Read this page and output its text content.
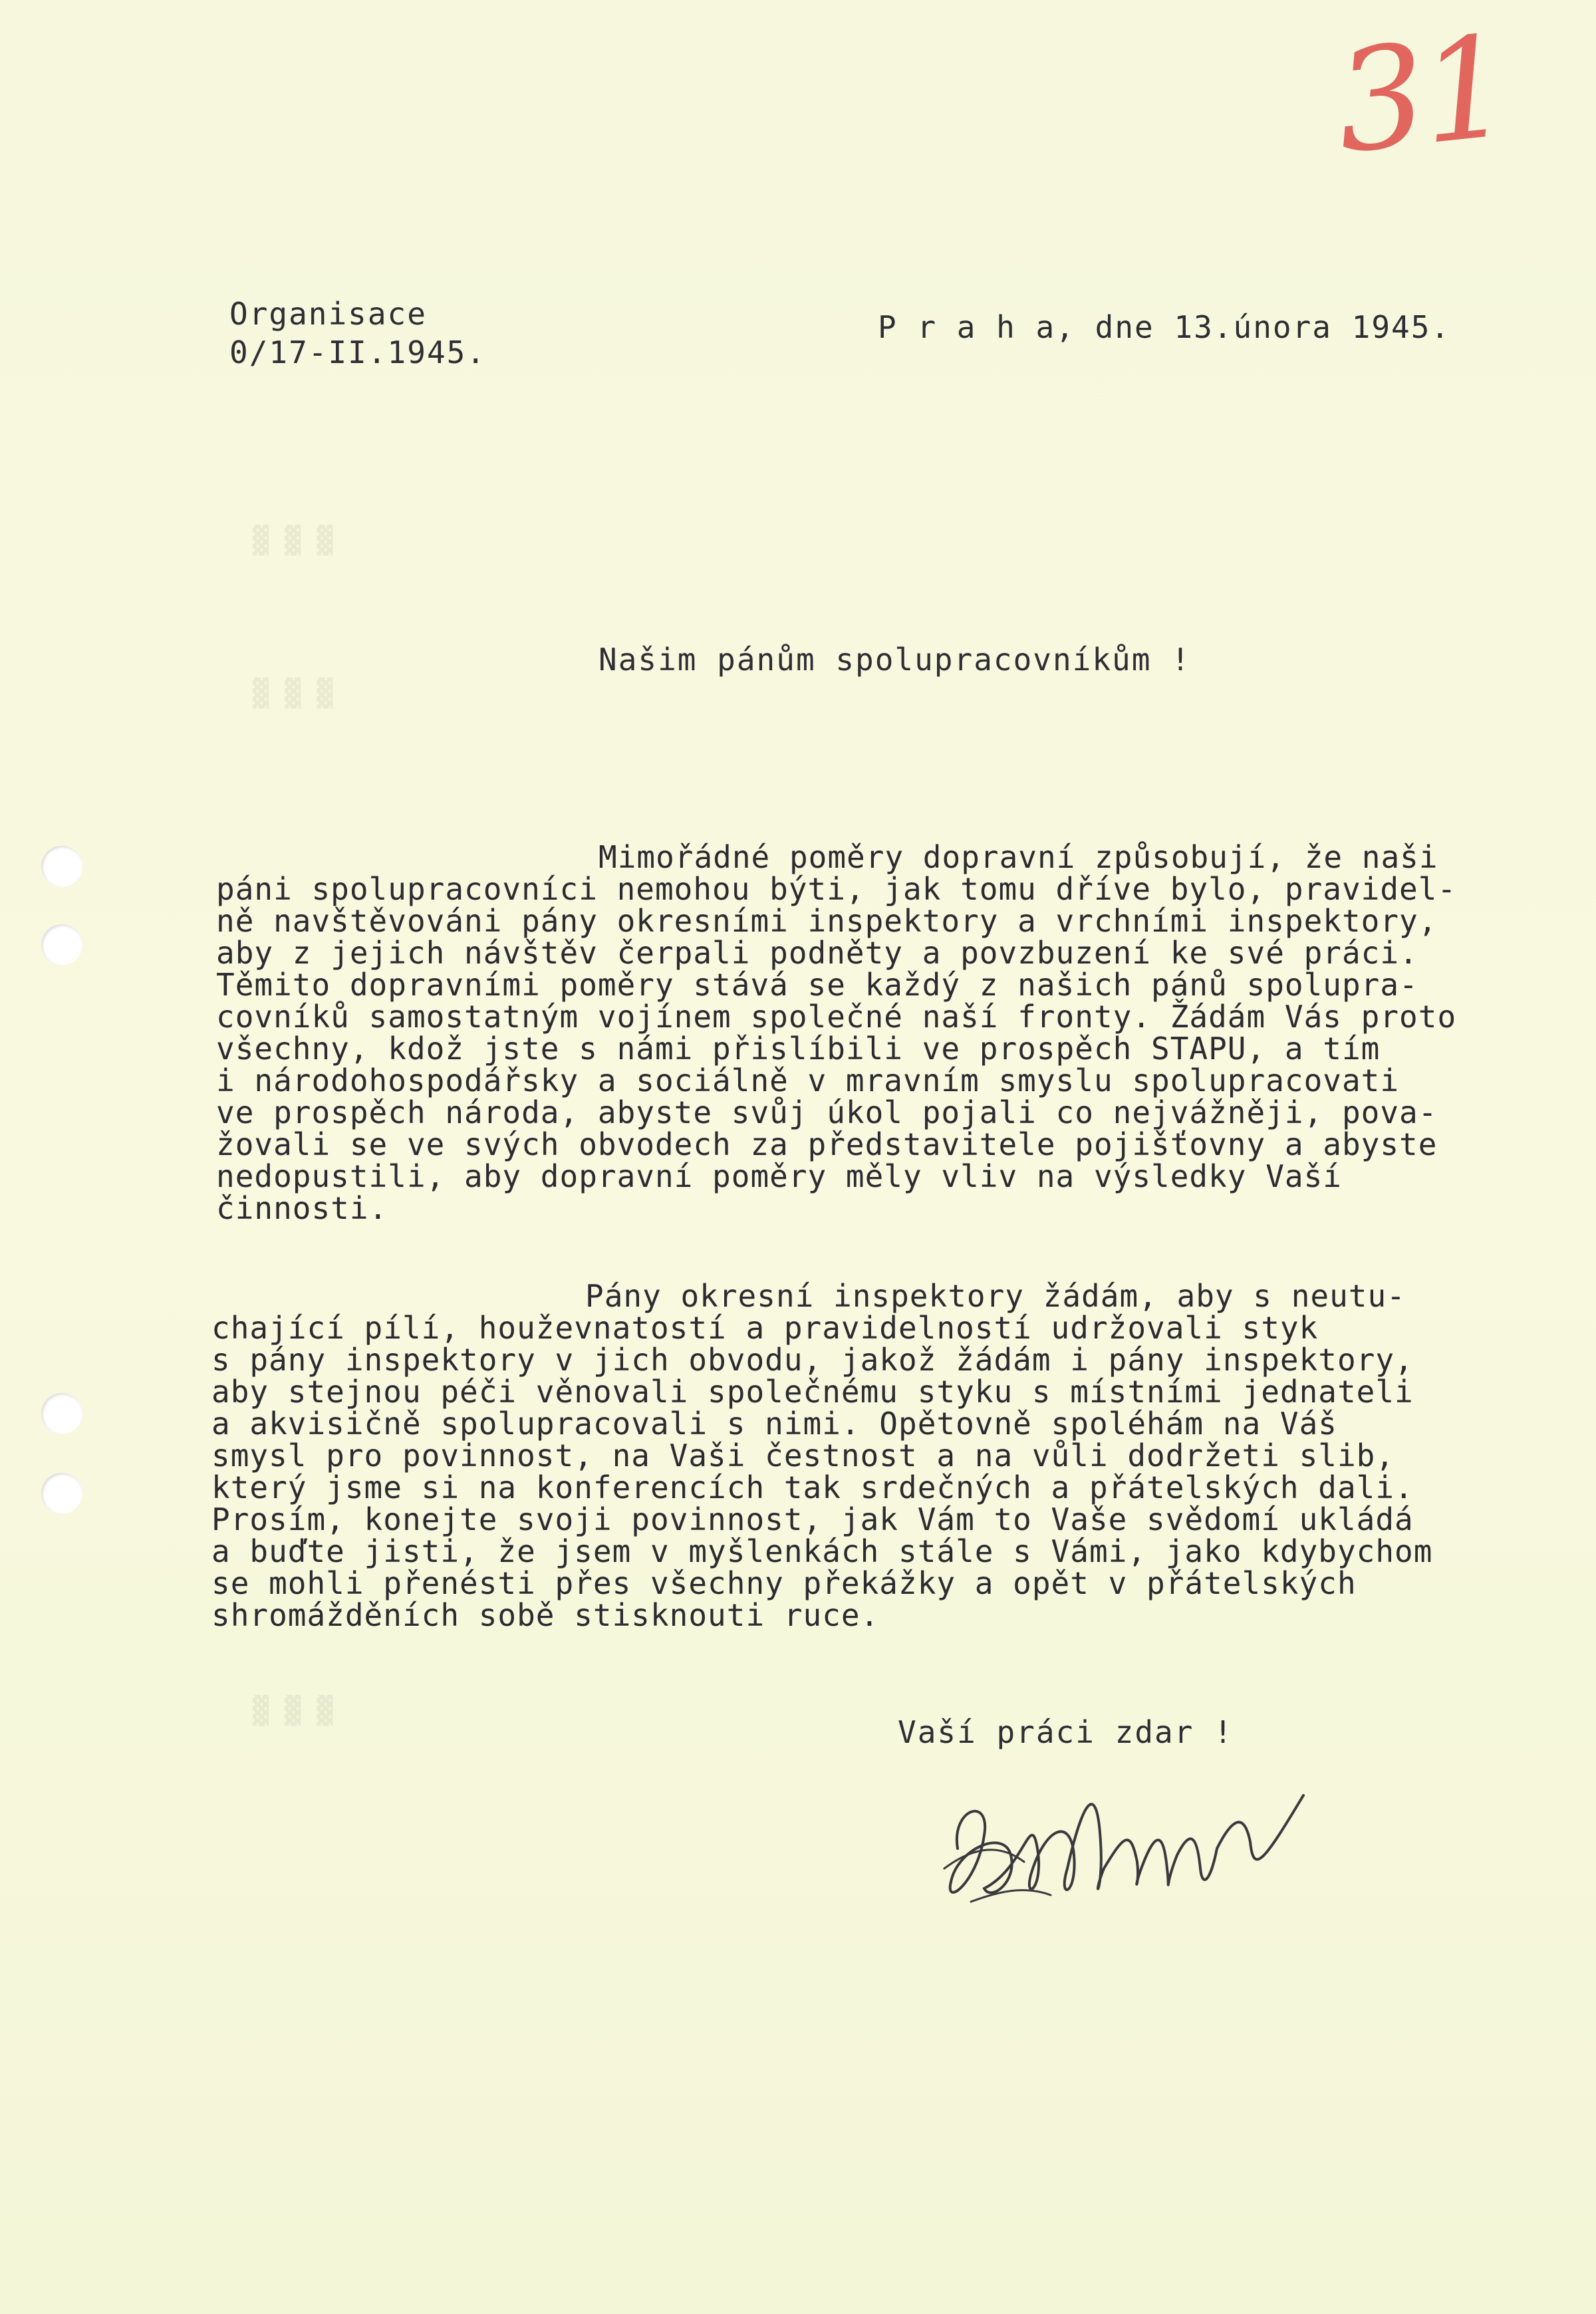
▓ ▓ ▓
▓ ▓ ▓
▓ ▓ ▓
31
Organisace
0/17-II.1945.
P r a h a, dne 13.února 1945.
Našim pánům spolupracovníkům !
Mimořádné poměry dopravní způsobují, že naši
páni spolupracovníci nemohou býti, jak tomu dříve bylo, pravidel-
ně navštěvováni pány okresními inspektory a vrchními inspektory,
aby z jejich návštěv čerpali podněty a povzbuzení ke své práci.
Těmito dopravními poměry stává se každý z našich pánů spolupra-
covníků samostatným vojínem společné naší fronty. Žádám Vás proto
všechny, kdož jste s námi přislíbili ve prospěch STAPU, a tím
i národohospodářsky a sociálně v mravním smyslu spolupracovati
ve prospěch národa, abyste svůj úkol pojali co nejvážněji, pova-
žovali se ve svých obvodech za představitele pojišťovny a abyste
nedopustili, aby dopravní poměry měly vliv na výsledky Vaší
činnosti.
Pány okresní inspektory žádám, aby s neutu-
chající pílí, houževnatostí a pravidelností udržovali styk
s pány inspektory v jich obvodu, jakož žádám i pány inspektory,
aby stejnou péči věnovali společnému styku s místními jednateli
a akvisičně spolupracovali s nimi. Opětovně spoléhám na Váš
smysl pro povinnost, na Vaši čestnost a na vůli dodržeti slib,
který jsme si na konferencích tak srdečných a přátelských dali.
Prosím, konejte svoji povinnost, jak Vám to Vaše svědomí ukládá
a buďte jisti, že jsem v myšlenkách stále s Vámi, jako kdybychom
se mohli přenésti přes všechny překážky a opět v přátelských
shromážděních sobě stisknouti ruce.
Vaší práci zdar !
